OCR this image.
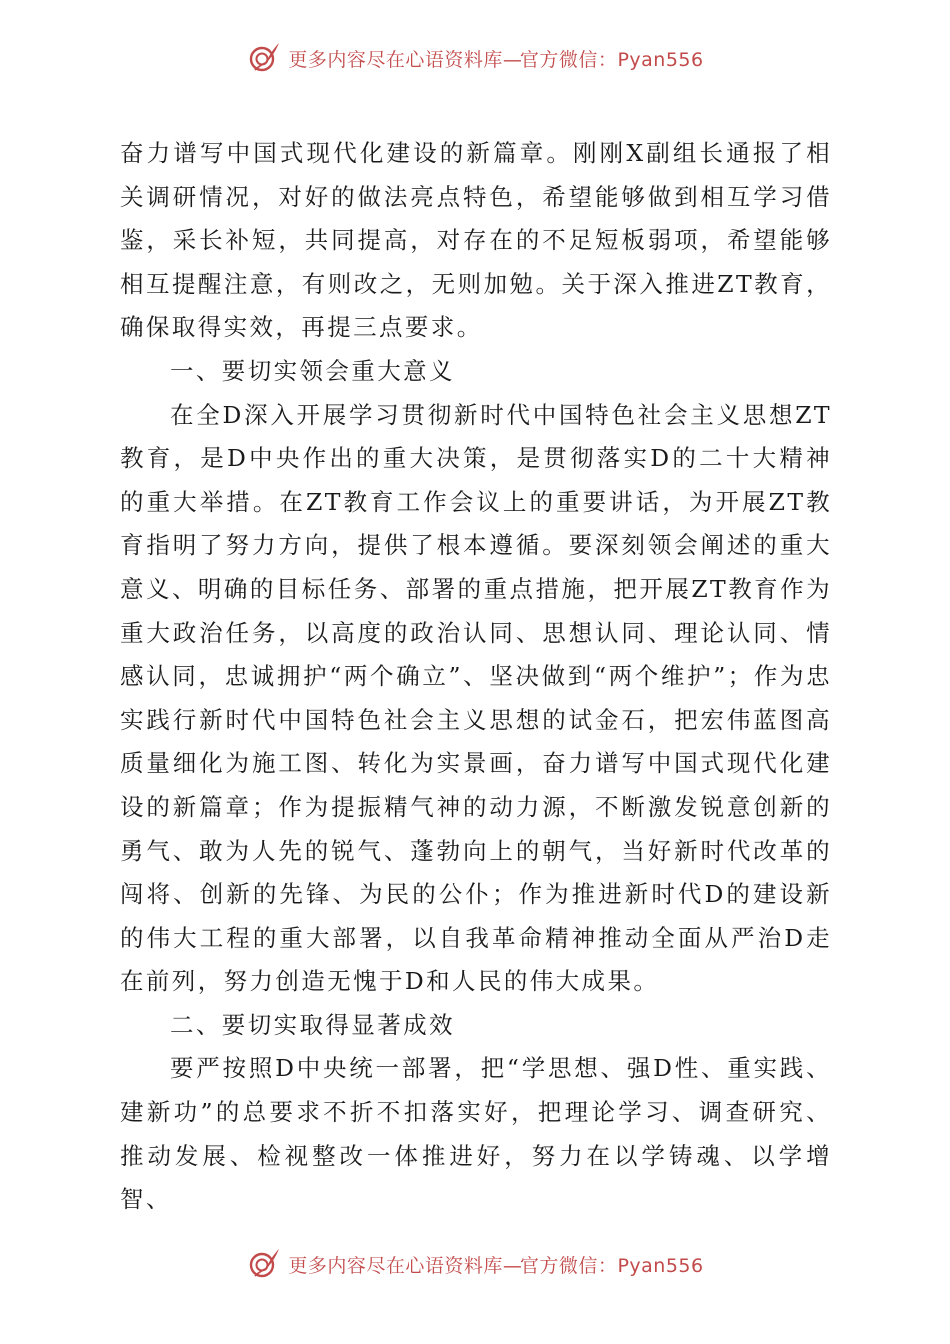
更多内容尽在心语资料库—官方微信：Pyan556

奋力谱写中国式现代化建设的新篇章。刚刚X副组长通报了相关调研情况，对好的做法亮点特色，希望能够做到相互学习借鉴，采长补短，共同提高，对存在的不足短板弱项，希望能够相互提醒注意，有则改之，无则加勉。关于深入推进ZT教育，确保取得实效，再提三点要求。

一、要切实领会重大意义

在全D深入开展学习贯彻新时代中国特色社会主义思想ZT教育，是D中央作出的重大决策，是贯彻落实D的二十大精神的重大举措。在ZT教育工作会议上的重要讲话，为开展ZT教育指明了努力方向，提供了根本遵循。要深刻领会阐述的重大意义、明确的目标任务、部署的重点措施，把开展ZT教育作为重大政治任务，以高度的政治认同、思想认同、理论认同、情感认同，忠诚拥护“两个确立”、坚决做到“两个维护”；作为忠实践行新时代中国特色社会主义思想的试金石，把宏伟蓝图高质量细化为施工图、转化为实景画，奋力谱写中国式现代化建设的新篇章；作为提振精气神的动力源，不断激发锐意创新的勇气、敢为人先的锐气、蓬勃向上的朝气，当好新时代改革的闯将、创新的先锋、为民的公仆；作为推进新时代D的建设新的伟大工程的重大部署，以自我革命精神推动全面从严治D走在前列，努力创造无愧于D和人民的伟大成果。

二、要切实取得显著成效

要严按照D中央统一部署，把“学思想、强D性、重实践、建新功”的总要求不折不扣落实好，把理论学习、调查研究、推动发展、检视整改一体推进好，努力在以学铸魂、以学增智、

更多内容尽在心语资料库—官方微信：Pyan556
